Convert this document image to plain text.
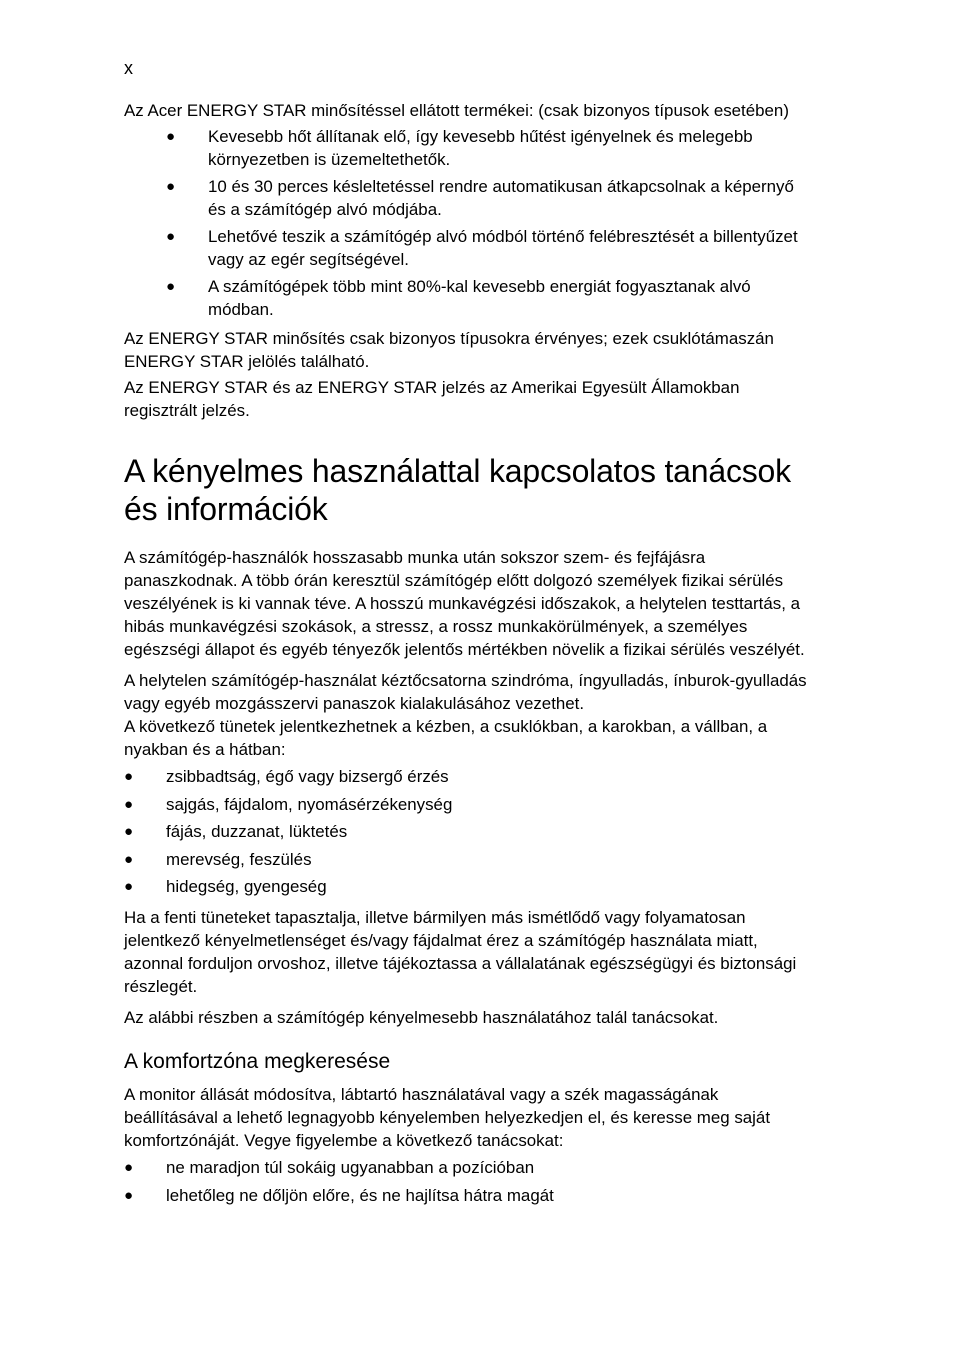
x

Az Acer ENERGY STAR minősítéssel ellátott termékei: (csak bizonyos típusok esetében)

● Kevesebb hőt állítanak elő, így kevesebb hűtést igényelnek és melegebb környezetben is üzemeltethetők.
● 10 és 30 perces késleltetéssel rendre automatikusan átkapcsolnak a képernyő és a számítógép alvó módjába.
● Lehetővé teszik a számítógép alvó módból történő felébresztését a billentyűzet vagy az egér segítségével.
● A számítógépek több mint 80%-kal kevesebb energiát fogyasztanak alvó módban.

Az ENERGY STAR minősítés csak bizonyos típusokra érvényes; ezek csuklótámaszán ENERGY STAR jelölés található.

Az ENERGY STAR és az ENERGY STAR jelzés az Amerikai Egyesült Államokban regisztrált jelzés.

A kényelmes használattal kapcsolatos tanácsok és információk

A számítógép-használók hosszasabb munka után sokszor szem- és fejfájásra panaszkodnak. A több órán keresztül számítógép előtt dolgozó személyek fizikai sérülés veszélyének is ki vannak téve. A hosszú munkavégzési időszakok, a helytelen testtartás, a hibás munkavégzési szokások, a stressz, a rossz munkakörülmények, a személyes egészségi állapot és egyéb tényezők jelentős mértékben növelik a fizikai sérülés veszélyét.

A helytelen számítógép-használat kéztőcsatorna szindróma, íngyulladás, ínburok-gyulladás vagy egyéb mozgásszervi panaszok kialakulásához vezethet.

A következő tünetek jelentkezhetnek a kézben, a csuklókban, a karokban, a vállban, a nyakban és a hátban:

● zsibbadtság, égő vagy bizsergő érzés
● sajgás, fájdalom, nyomásérzékenység
● fájás, duzzanat, lüktetés
● merevség, feszülés
● hidegség, gyengeség

Ha a fenti tüneteket tapasztalja, illetve bármilyen más ismétlődő vagy folyamatosan jelentkező kényelmetlenséget és/vagy fájdalmat érez a számítógép használata miatt, azonnal forduljon orvoshoz, illetve tájékoztassa a vállalatának egészségügyi és biztonsági részlegét.

Az alábbi részben a számítógép kényelmesebb használatához talál tanácsokat.

A komfortzóna megkeresése

A monitor állását módosítva, lábtartó használatával vagy a szék magasságának beállításával a lehető legnagyobb kényelemben helyezkedjen el, és keresse meg saját komfortzónáját. Vegye figyelembe a következő tanácsokat:

● ne maradjon túl sokáig ugyanabban a pozícióban
● lehetőleg ne dőljön előre, és ne hajlítsa hátra magát
